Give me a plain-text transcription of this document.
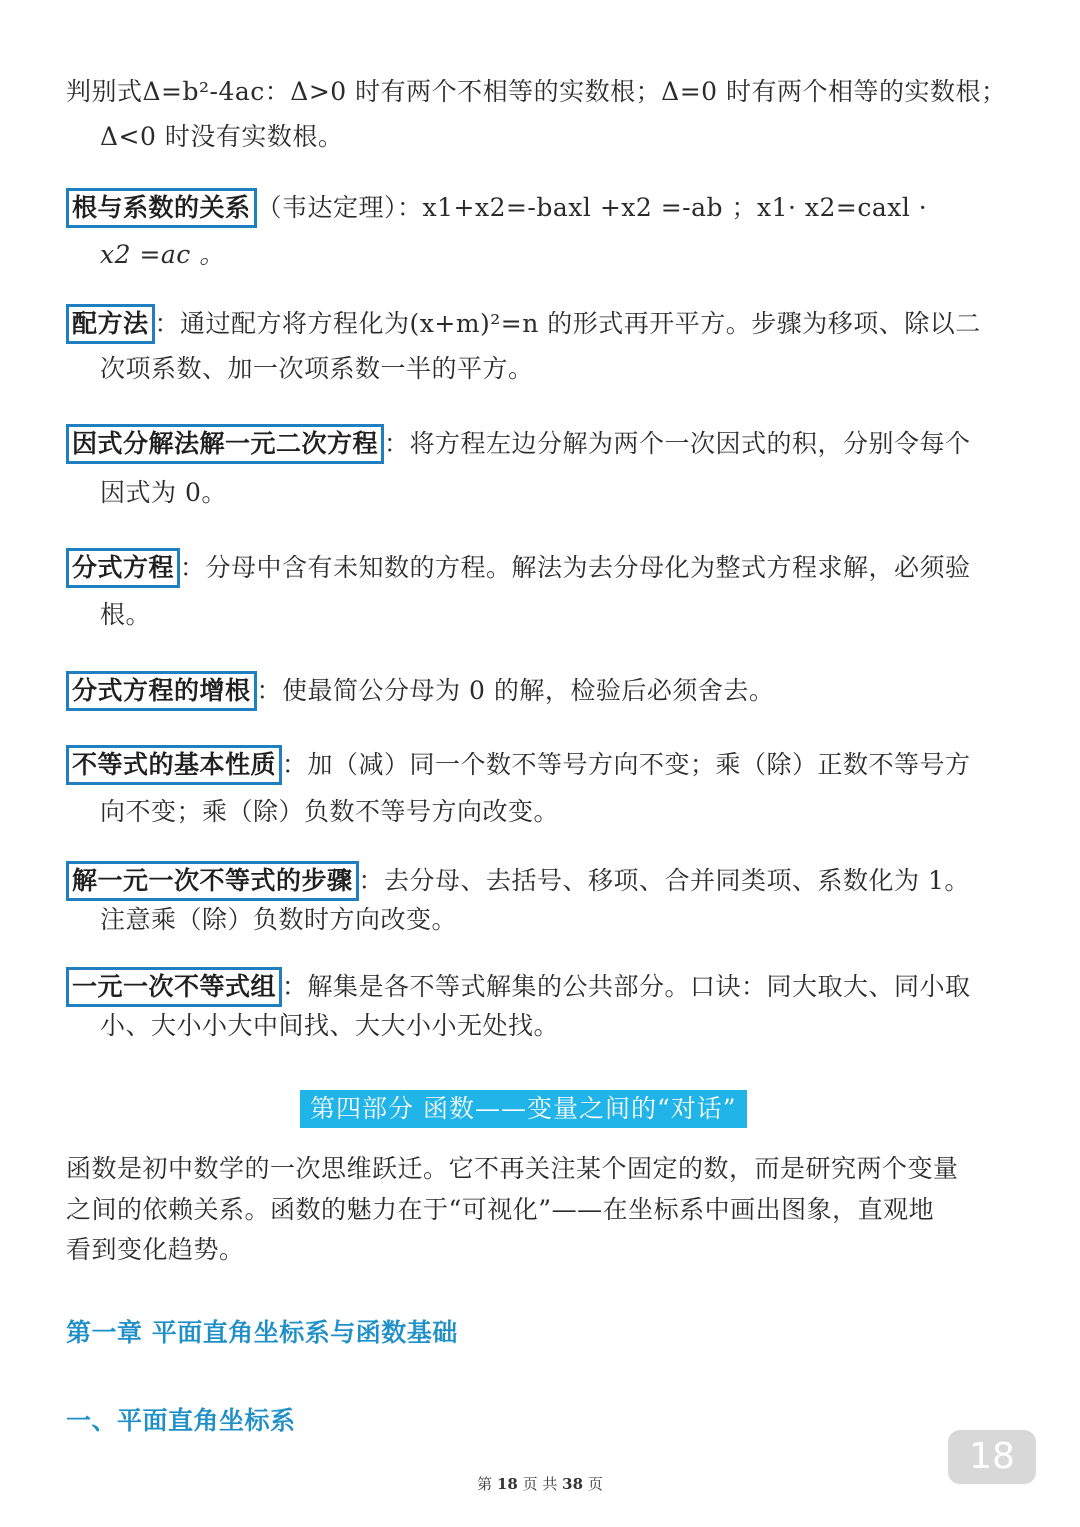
判别式Δ=b²-4ac：Δ>0 时有两个不相等的实数根；Δ=0 时有两个相等的实数根；
Δ<0 时没有实数根。
根与系数的关系 （韦达定理）：x1+x2=-baxl +x2 =-ab ；x1· x2=caxl ·
x2 =ac 。
配方法 ：通过配方将方程化为(x+m)²=n 的形式再开平方。步骤为移项、除以二
次项系数、加一次项系数一半的平方。
因式分解法解一元二次方程 ：将方程左边分解为两个一次因式的积，分别令每个
因式为 0。
分式方程 ：分母中含有未知数的方程。解法为去分母化为整式方程求解，必须验
根。
分式方程的增根 ：使最简公分母为 0 的解，检验后必须舍去。
不等式的基本性质 ：加（减）同一个数不等号方向不变；乘（除）正数不等号方
向不变；乘（除）负数不等号方向改变。
解一元一次不等式的步骤 ：去分母、去括号、移项、合并同类项、系数化为 1。
注意乘（除）负数时方向改变。
一元一次不等式组 ：解集是各不等式解集的公共部分。口诀：同大取大、同小取
小、大小小大中间找、大大小小无处找。
第四部分 函数——变量之间的“对话”
函数是初中数学的一次思维跃迁。它不再关注某个固定的数，而是研究两个变量
之间的依赖关系。函数的魅力在于“可视化”——在坐标系中画出图象，直观地
看到变化趋势。
第一章 平面直角坐标系与函数基础
一、平面直角坐标系
18
第 18 页 共 38 页
